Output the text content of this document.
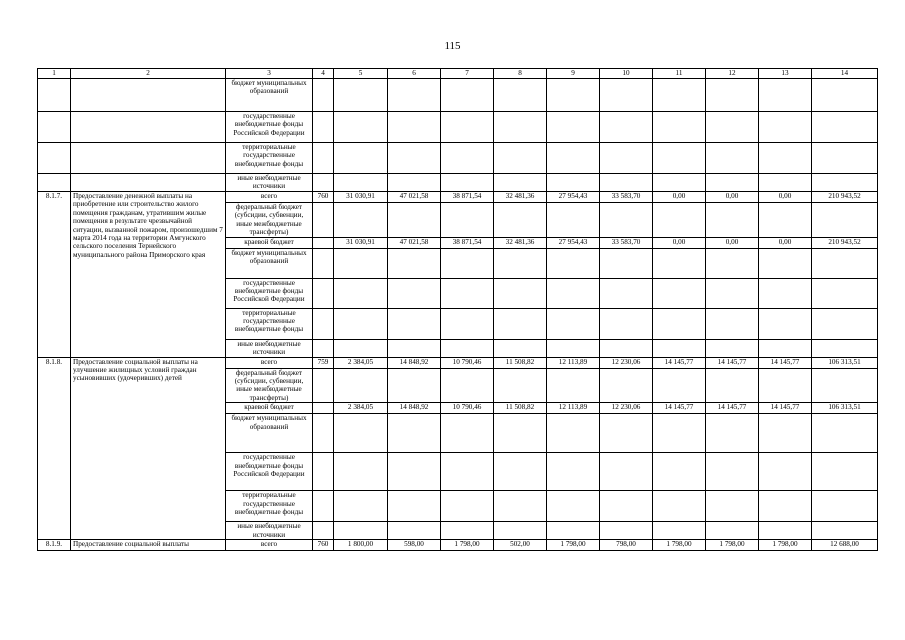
115
1	2	3	4	5	6	7	8	9	10	11	12	13	14
		бюджет муниципальных образований											
		государственные внебюджетные фонды Российской Федерации											
		территориальные государственные внебюджетные фонды											
		иные внебюджетные источники											
8.1.7.	Предоставление денежной выплаты на приобретение или строительство жилого помещения гражданам, утратившим жилые помещения в результате чрезвычайной ситуации, вызванной пожаром, произошедшим 7 марта 2014 года на территории Амгунского сельского поселения Тернейского муниципального района Приморского края	всего	760	31 030,91	47 021,58	38 871,54	32 481,36	27 954,43	33 583,70	0,00	0,00	0,00	210 943,52
		федеральный бюджет (субсидии, субвенции, иные межбюджетные трансферты)											
		краевой бюджет		31 030,91	47 021,58	38 871,54	32 481,36	27 954,43	33 583,70	0,00	0,00	0,00	210 943,52
		бюджет муниципальных образований											
		государственные внебюджетные фонды Российской Федерации											
		территориальные государственные внебюджетные фонды											
		иные внебюджетные источники											
8.1.8.	Предоставление социальной выплаты на улучшение жилищных условий граждан усыновивших (удочеривших) детей	всего	759	2 384,05	14 848,92	10 790,46	11 508,82	12 113,89	12 230,06	14 145,77	14 145,77	14 145,77	106 313,51
		федеральный бюджет (субсидии, субвенции, иные межбюджетные трансферты)											
		краевой бюджет		2 384,05	14 848,92	10 790,46	11 508,82	12 113,89	12 230,06	14 145,77	14 145,77	14 145,77	106 313,51
		бюджет муниципальных образований											
		государственные внебюджетные фонды Российской Федерации											
		территориальные государственные внебюджетные фонды											
		иные внебюджетные источники											
8.1.9.	Предоставление социальной выплаты	всего	760	1 800,00	598,00	1 798,00	502,00	1 798,00	798,00	1 798,00	1 798,00	1 798,00	12 688,00
